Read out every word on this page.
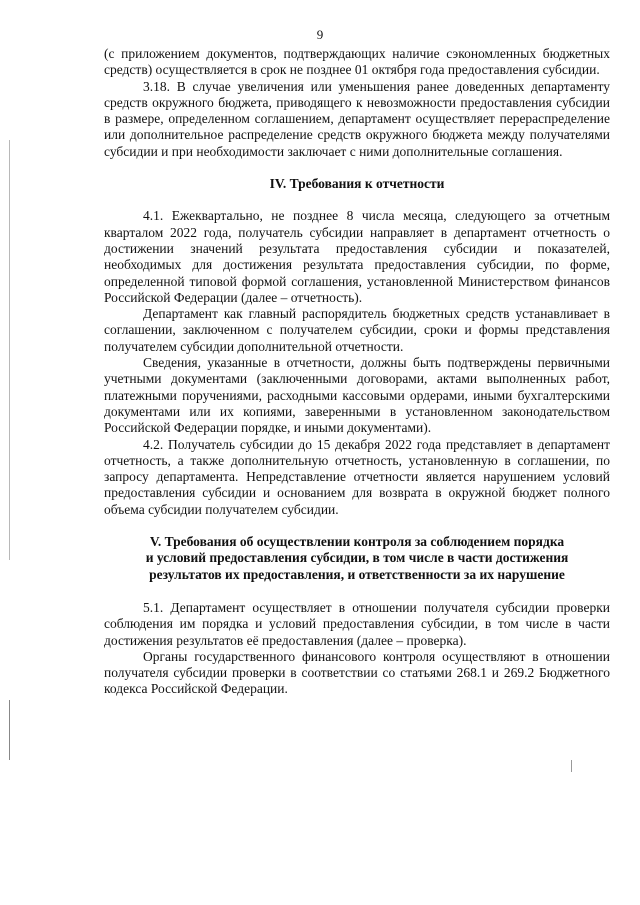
9

(с приложением документов, подтверждающих наличие сэкономленных бюджетных средств) осуществляется в срок не позднее 01 октября года предоставления субсидии.

3.18. В случае увеличения или уменьшения ранее доведенных департаменту средств окружного бюджета, приводящего к невозможности предоставления субсидии в размере, определенном соглашением, департамент осуществляет перераспределение или дополнительное распределение средств окружного бюджета между получателями субсидии и при необходимости заключает с ними дополнительные соглашения.

IV. Требования к отчетности

4.1. Ежеквартально, не позднее 8 числа месяца, следующего за отчетным кварталом 2022 года, получатель субсидии направляет в департамент отчетность о достижении значений результата предоставления субсидии и показателей, необходимых для достижения результата предоставления субсидии, по форме, определенной типовой формой соглашения, установленной Министерством финансов Российской Федерации (далее – отчетность).

Департамент как главный распорядитель бюджетных средств устанавливает в соглашении, заключенном с получателем субсидии, сроки и формы представления получателем субсидии дополнительной отчетности.

Сведения, указанные в отчетности, должны быть подтверждены первичными учетными документами (заключенными договорами, актами выполненных работ, платежными поручениями, расходными кассовыми ордерами, иными бухгалтерскими документами или их копиями, заверенными в установленном законодательством Российской Федерации порядке, и иными документами).

4.2. Получатель субсидии до 15 декабря 2022 года представляет в департамент отчетность, а также дополнительную отчетность, установленную в соглашении, по запросу департамента. Непредставление отчетности является нарушением условий предоставления субсидии и основанием для возврата в окружной бюджет полного объема субсидии получателем субсидии.

V. Требования об осуществлении контроля за соблюдением порядка
и условий предоставления субсидии, в том числе в части достижения
результатов их предоставления, и ответственности за их нарушение

5.1. Департамент осуществляет в отношении получателя субсидии проверки соблюдения им порядка и условий предоставления субсидии, в том числе в части достижения результатов её предоставления (далее – проверка).

Органы государственного финансового контроля осуществляют в отношении получателя субсидии проверки в соответствии со статьями 268.1 и 269.2 Бюджетного кодекса Российской Федерации.
